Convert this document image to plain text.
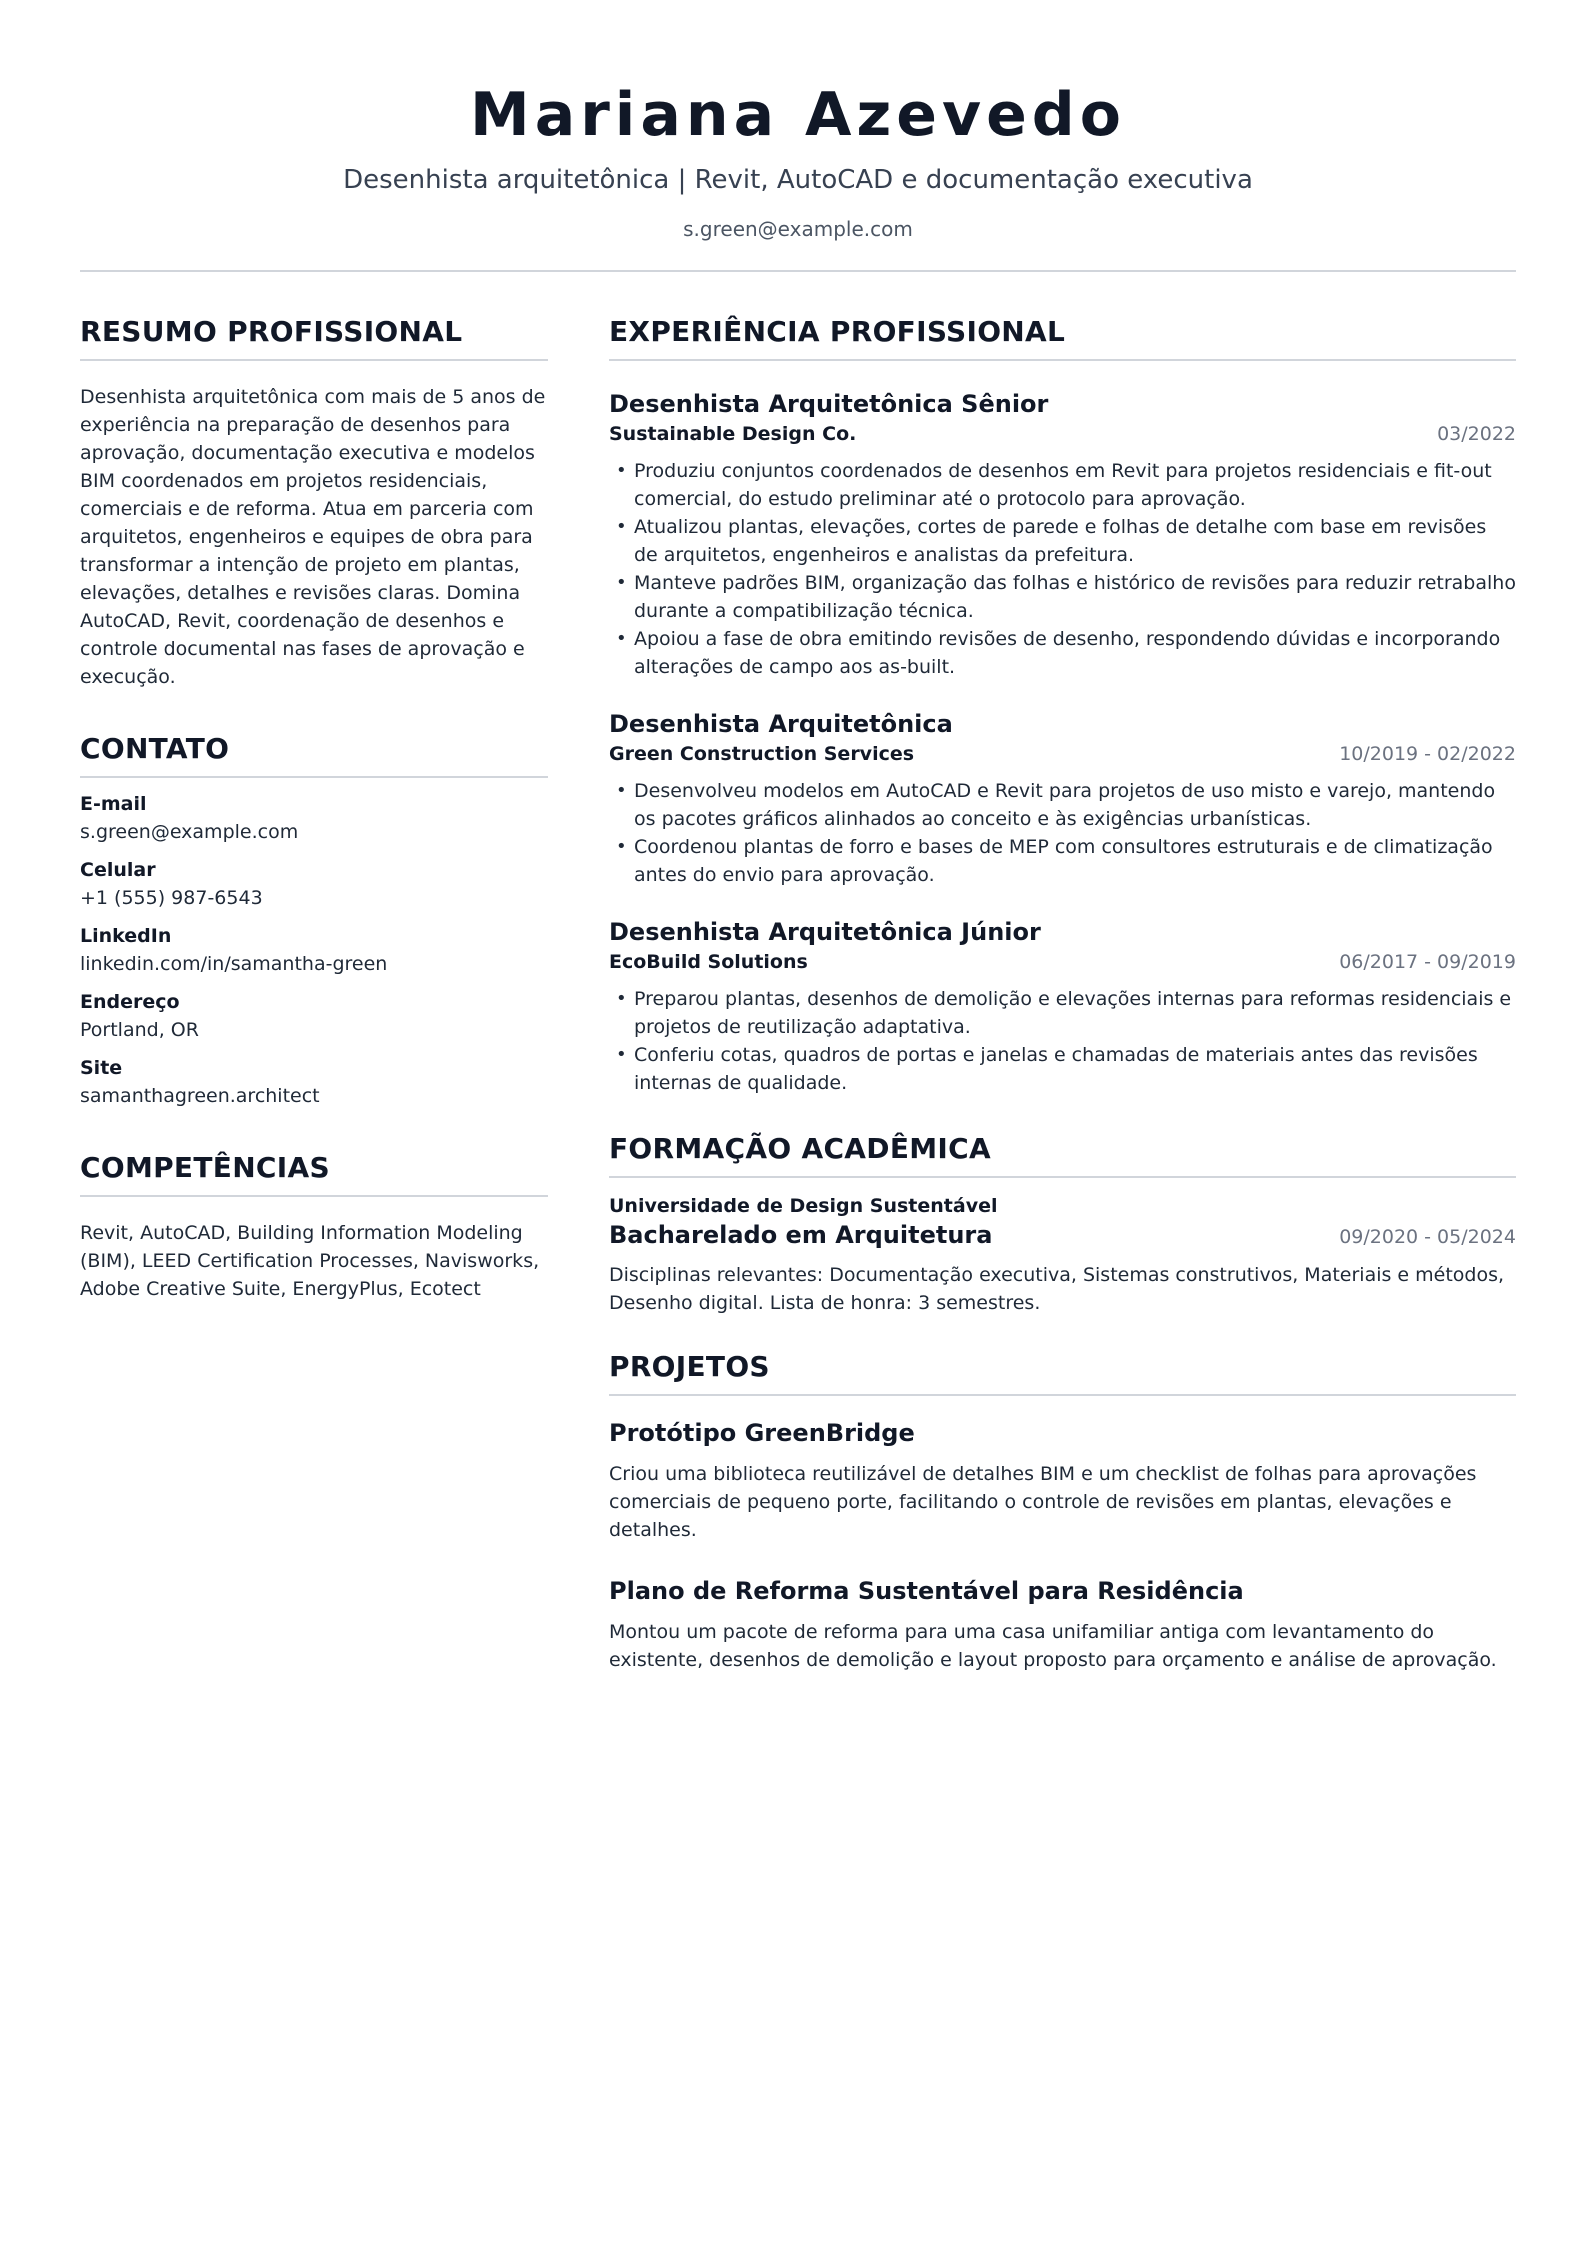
Mariana Azevedo
Desenhista arquitetônica | Revit, AutoCAD e documentação executiva
s.green@example.com
RESUMO PROFISSIONAL
Desenhista arquitetônica com mais de 5 anos de experiência na preparação de desenhos para aprovação, documentação executiva e modelos BIM coordenados em projetos residenciais, comerciais e de reforma. Atua em parceria com arquitetos, engenheiros e equipes de obra para transformar a intenção de projeto em plantas, elevações, detalhes e revisões claras. Domina AutoCAD, Revit, coordenação de desenhos e controle documental nas fases de aprovação e execução.
CONTATO
E-mail
s.green@example.com
Celular
+1 (555) 987-6543
LinkedIn
linkedin.com/in/samantha-green
Endereço
Portland, OR
Site
samanthagreen.architect
COMPETÊNCIAS
Revit, AutoCAD, Building Information Modeling (BIM), LEED Certification Processes, Navisworks, Adobe Creative Suite, EnergyPlus, Ecotect
EXPERIÊNCIA PROFISSIONAL
Desenhista Arquitetônica Sênior
Sustainable Design Co.	03/2022
• Produziu conjuntos coordenados de desenhos em Revit para projetos residenciais e fit-out comercial, do estudo preliminar até o protocolo para aprovação.
• Atualizou plantas, elevações, cortes de parede e folhas de detalhe com base em revisões de arquitetos, engenheiros e analistas da prefeitura.
• Manteve padrões BIM, organização das folhas e histórico de revisões para reduzir retrabalho durante a compatibilização técnica.
• Apoiou a fase de obra emitindo revisões de desenho, respondendo dúvidas e incorporando alterações de campo aos as-built.
Desenhista Arquitetônica
Green Construction Services	10/2019 - 02/2022
• Desenvolveu modelos em AutoCAD e Revit para projetos de uso misto e varejo, mantendo os pacotes gráficos alinhados ao conceito e às exigências urbanísticas.
• Coordenou plantas de forro e bases de MEP com consultores estruturais e de climatização antes do envio para aprovação.
Desenhista Arquitetônica Júnior
EcoBuild Solutions	06/2017 - 09/2019
• Preparou plantas, desenhos de demolição e elevações internas para reformas residenciais e projetos de reutilização adaptativa.
• Conferiu cotas, quadros de portas e janelas e chamadas de materiais antes das revisões internas de qualidade.
FORMAÇÃO ACADÊMICA
Universidade de Design Sustentável
Bacharelado em Arquitetura	09/2020 - 05/2024
Disciplinas relevantes: Documentação executiva, Sistemas construtivos, Materiais e métodos, Desenho digital. Lista de honra: 3 semestres.
PROJETOS
Protótipo GreenBridge
Criou uma biblioteca reutilizável de detalhes BIM e um checklist de folhas para aprovações comerciais de pequeno porte, facilitando o controle de revisões em plantas, elevações e detalhes.
Plano de Reforma Sustentável para Residência
Montou um pacote de reforma para uma casa unifamiliar antiga com levantamento do existente, desenhos de demolição e layout proposto para orçamento e análise de aprovação.
